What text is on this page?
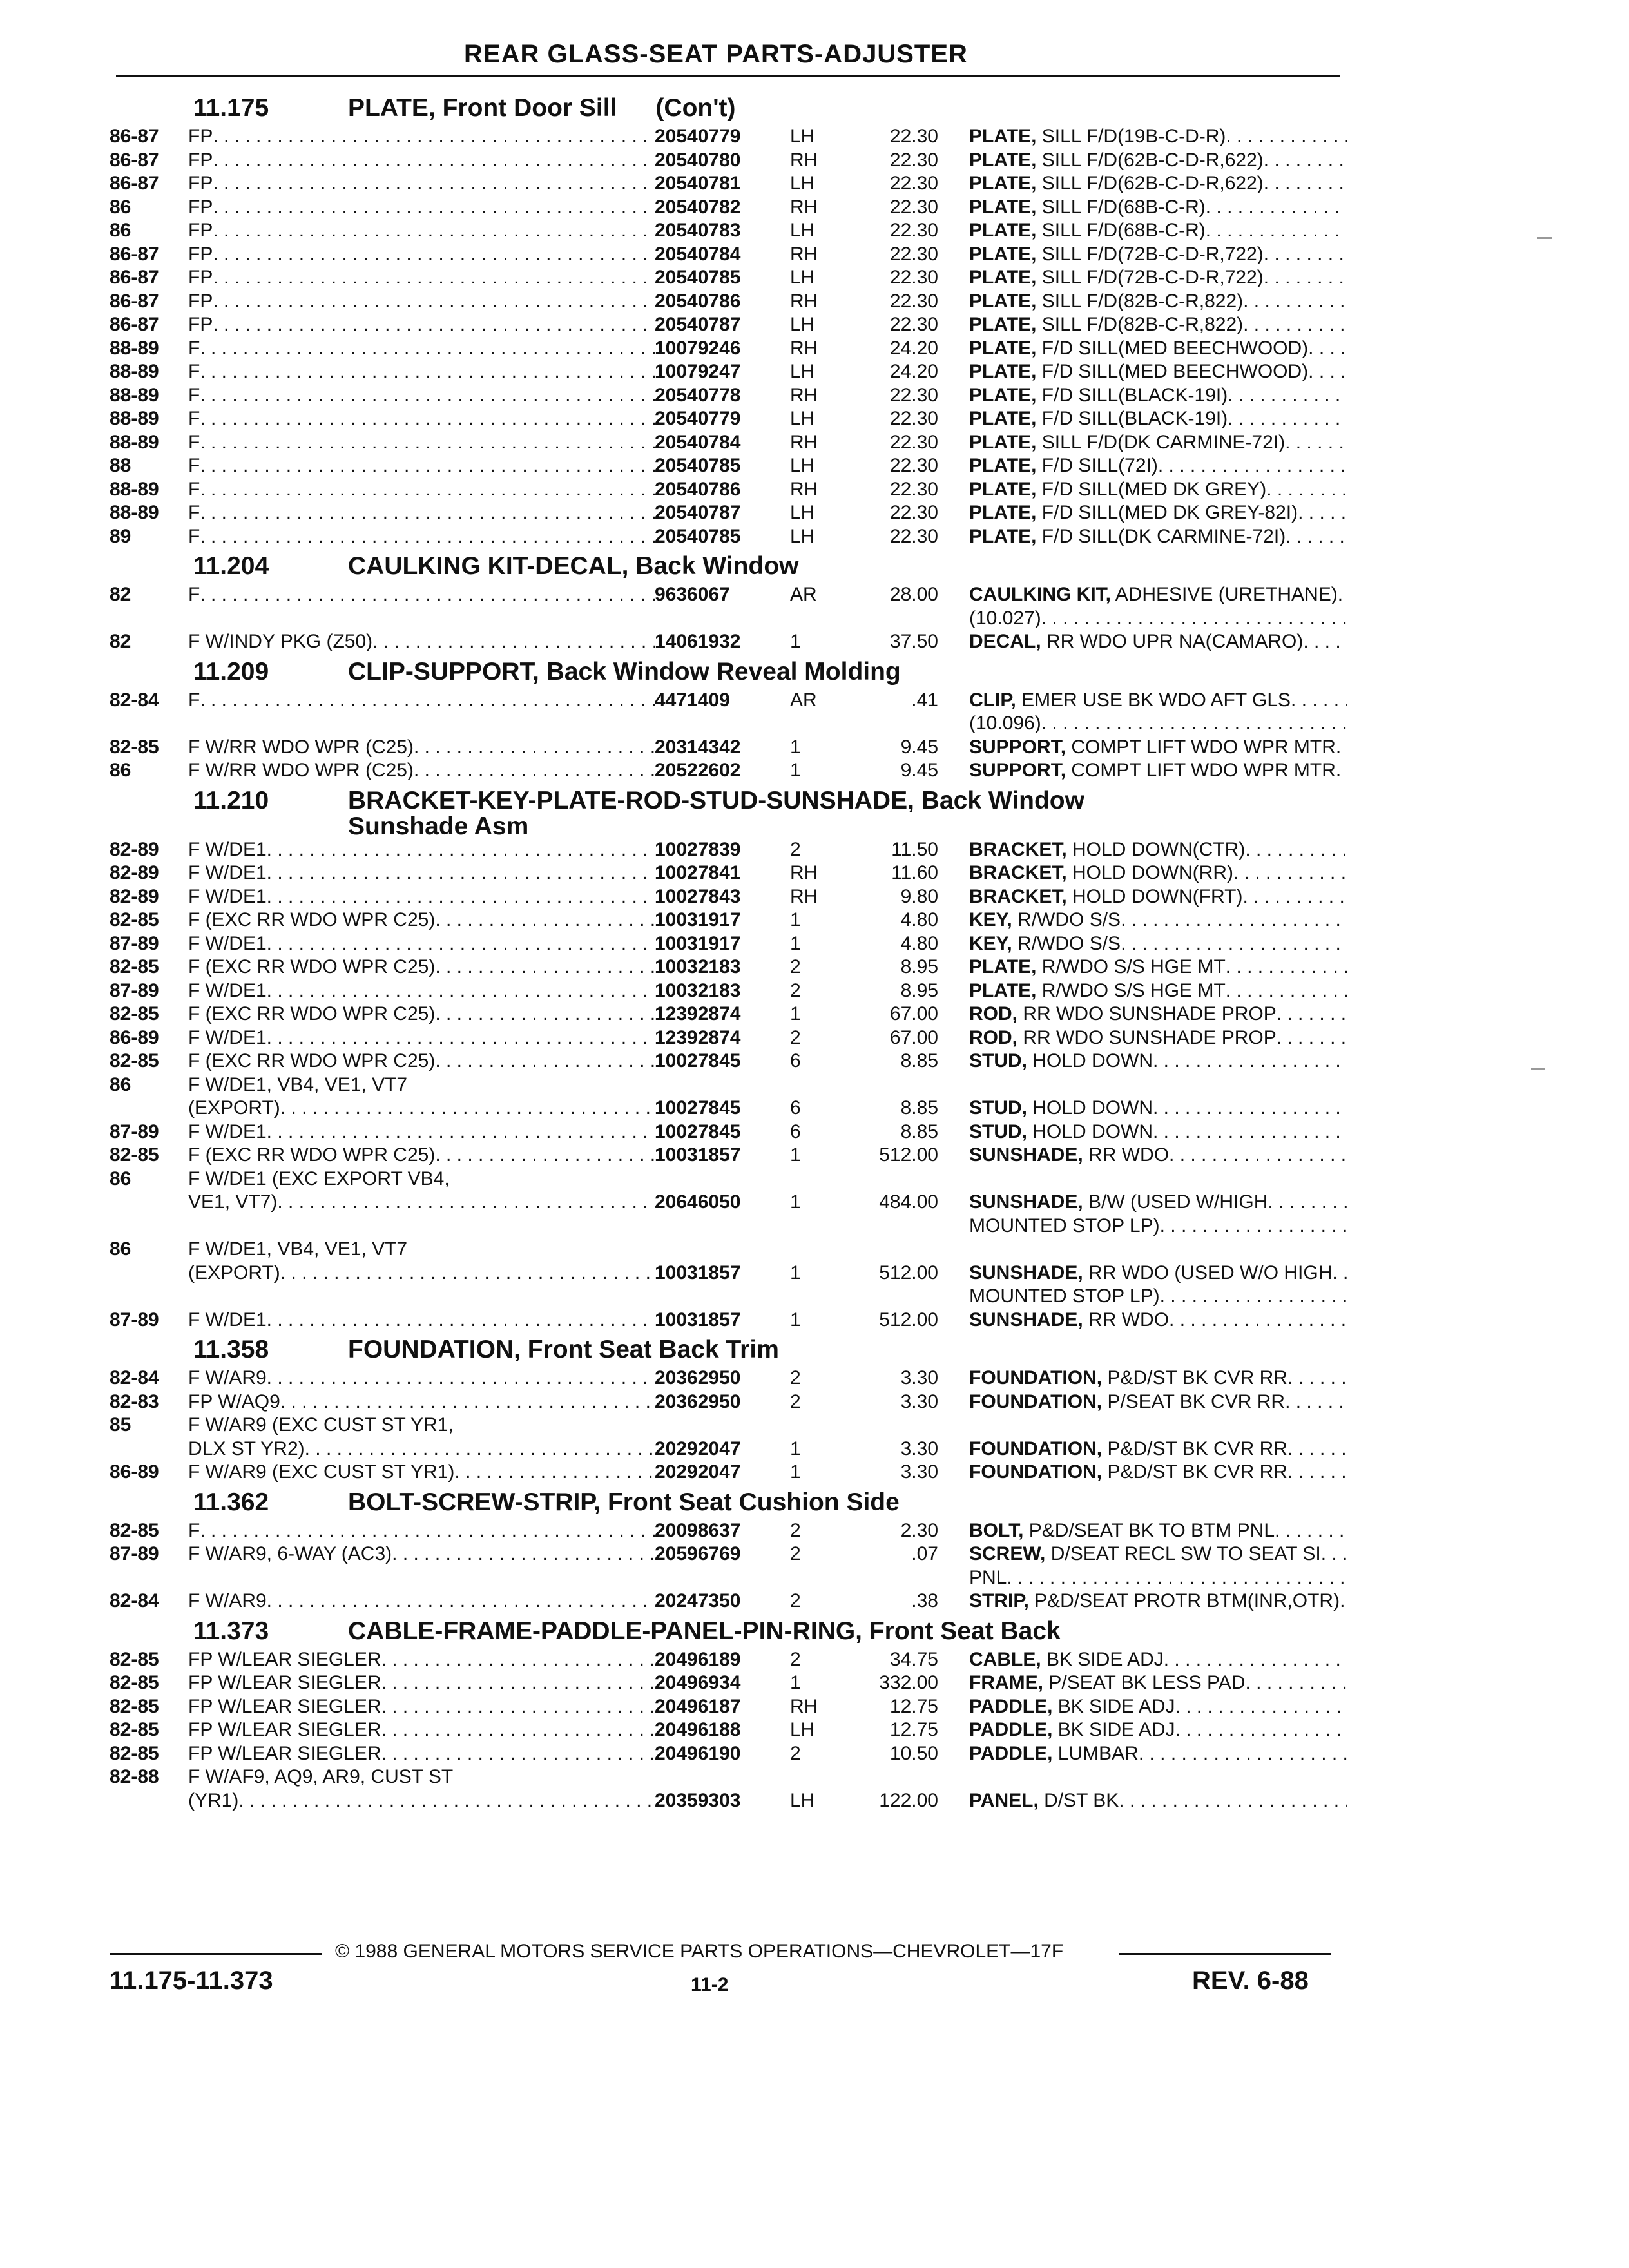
REAR GLASS-SEAT PARTS-ADJUSTER
11.175	PLATE, Front Door Sill (Con't)
86-87	FP . . .	20540779	LH	22.30	PLATE, SILL F/D(19B-C-D-R)
. . .
86-87	FP . . .	20540780	RH	22.30	PLATE, SILL F/D(62B-C-D-R,622)
. . .
86-87	FP . . .	20540781	LH	22.30	PLATE, SILL F/D(62B-C-D-R,622)
. . .
86	FP . . .	20540782	RH	22.30	PLATE, SILL F/D(68B-C-R)
. . .
86	FP . . .	20540783	LH	22.30	PLATE, SILL F/D(68B-C-R)
. . .
86-87	FP . . .	20540784	RH	22.30	PLATE, SILL F/D(72B-C-D-R,722)
. . .
86-87	FP . . .	20540785	LH	22.30	PLATE, SILL F/D(72B-C-D-R,722)
. . .
86-87	FP . . .	20540786	RH	22.30	PLATE, SILL F/D(82B-C-R,822)
. . .
86-87	FP . . .	20540787	LH	22.30	PLATE, SILL F/D(82B-C-R,822)
. . .
88-89	F . . .	10079246	RH	24.20	PLATE, F/D SILL(MED BEECHWOOD)
. . .
88-89	F . . .	10079247	LH	24.20	PLATE, F/D SILL(MED BEECHWOOD)
. . .
88-89	F . . .	20540778	RH	22.30	PLATE, F/D SILL(BLACK-19I)
. . .
88-89	F . . .	20540779	LH	22.30	PLATE, F/D SILL(BLACK-19I)
. . .
88-89	F . . .	20540784	RH	22.30	PLATE, SILL F/D(DK CARMINE-72I)
. . .
88	F . . .	20540785	LH	22.30	PLATE, F/D SILL(72I)
. . .
88-89	F . . .	20540786	RH	22.30	PLATE, F/D SILL(MED DK GREY)
. . .
88-89	F . . .	20540787	LH	22.30	PLATE, F/D SILL(MED DK GREY-82I)
. . .
89	F . . .	20540785	LH	22.30	PLATE, F/D SILL(DK CARMINE-72I)
. . .
11.204	CAULKING KIT-DECAL, Back Window
82	F . . .	9636067	AR	28.00	CAULKING KIT, ADHESIVE (URETHANE)
. . .
(10.027)
. . .
82	F W/INDY PKG (Z50) . . .	14061932	1	37.50	DECAL, RR WDO UPR NA(CAMARO)
. . .
11.209	CLIP-SUPPORT, Back Window Reveal Molding
82-84	F . . .	4471409	AR	.41	CLIP, EMER USE BK WDO AFT GLS
. . .
(10.096)
. . .
82-85	F W/RR WDO WPR (C25) . . .	20314342	1	9.45	SUPPORT, COMPT LIFT WDO WPR MTR
. . .
86	F W/RR WDO WPR (C25) . . .	20522602	1	9.45	SUPPORT, COMPT LIFT WDO WPR MTR
. . .
11.210	BRACKET-KEY-PLATE-ROD-STUD-SUNSHADE, Back Window
Sunshade Asm
82-89	F W/DE1 . . .	10027839	2	11.50	BRACKET, HOLD DOWN(CTR)
. . .
82-89	F W/DE1 . . .	10027841	RH	11.60	BRACKET, HOLD DOWN(RR)
. . .
82-89	F W/DE1 . . .	10027843	RH	9.80	BRACKET, HOLD DOWN(FRT)
. . .
82-85	F (EXC RR WDO WPR C25) . . .	10031917	1	4.80	KEY, R/WDO S/S
. . .
87-89	F W/DE1 . . .	10031917	1	4.80	KEY, R/WDO S/S
. . .
82-85	F (EXC RR WDO WPR C25) . . .	10032183	2	8.95	PLATE, R/WDO S/S HGE MT
. . .
87-89	F W/DE1 . . .	10032183	2	8.95	PLATE, R/WDO S/S HGE MT
. . .
82-85	F (EXC RR WDO WPR C25) . . .	12392874	1	67.00	ROD, RR WDO SUNSHADE PROP
. . .
86-89	F W/DE1 . . .	12392874	2	67.00	ROD, RR WDO SUNSHADE PROP
. . .
82-85	F (EXC RR WDO WPR C25) . . .	10027845	6	8.85	STUD, HOLD DOWN
. . .
86	F W/DE1, VB4, VE1, VT7
(EXPORT) . . .	10027845	6	8.85	STUD, HOLD DOWN
. . .
87-89	F W/DE1 . . .	10027845	6	8.85	STUD, HOLD DOWN
. . .
82-85	F (EXC RR WDO WPR C25) . . .	10031857	1	512.00	SUNSHADE, RR WDO
. . .
86	F W/DE1 (EXC EXPORT VB4,
VE1, VT7) . . .	20646050	1	484.00	SUNSHADE, B/W (USED W/HIGH
. . .
MOUNTED STOP LP)
. . .
86	F W/DE1, VB4, VE1, VT7
(EXPORT) . . .	10031857	1	512.00	SUNSHADE, RR WDO (USED W/O HIGH
. . .
MOUNTED STOP LP)
. . .
87-89	F W/DE1 . . .	10031857	1	512.00	SUNSHADE, RR WDO
. . .
11.358	FOUNDATION, Front Seat Back Trim
82-84	F W/AR9 . . .	20362950	2	3.30	FOUNDATION, P&D/ST BK CVR RR
. . .
82-83	FP W/AQ9 . . .	20362950	2	3.30	FOUNDATION, P/SEAT BK CVR RR
. . .
85	F W/AR9 (EXC CUST ST YR1,
DLX ST YR2) . . .	20292047	1	3.30	FOUNDATION, P&D/ST BK CVR RR
. . .
86-89	F W/AR9 (EXC CUST ST YR1) . . .	20292047	1	3.30	FOUNDATION, P&D/ST BK CVR RR
. . .
11.362	BOLT-SCREW-STRIP, Front Seat Cushion Side
82-85	F . . .	20098637	2	2.30	BOLT, P&D/SEAT BK TO BTM PNL
. . .
87-89	F W/AR9, 6-WAY (AC3) . . .	20596769	2	.07	SCREW, D/SEAT RECL SW TO SEAT SI
. . .
PNL
. . .
82-84	F W/AR9 . . .	20247350	2	.38	STRIP, P&D/SEAT PROTR BTM(INR,OTR)
. . .
11.373	CABLE-FRAME-PADDLE-PANEL-PIN-RING, Front Seat Back
82-85	FP W/LEAR SIEGLER . . .	20496189	2	34.75	CABLE, BK SIDE ADJ
. . .
82-85	FP W/LEAR SIEGLER . . .	20496934	1	332.00	FRAME, P/SEAT BK LESS PAD
. . .
82-85	FP W/LEAR SIEGLER . . .	20496187	RH	12.75	PADDLE, BK SIDE ADJ
. . .
82-85	FP W/LEAR SIEGLER . . .	20496188	LH	12.75	PADDLE, BK SIDE ADJ
. . .
82-85	FP W/LEAR SIEGLER . . .	20496190	2	10.50	PADDLE, LUMBAR
. . .
82-88	F W/AF9, AQ9, AR9, CUST ST
(YR1) . . .	20359303	LH	122.00	PANEL, D/ST BK
. . .
© 1988 GENERAL MOTORS SERVICE PARTS OPERATIONS—CHEVROLET—17F
11.175-11.373	11-2	REV. 6-88
